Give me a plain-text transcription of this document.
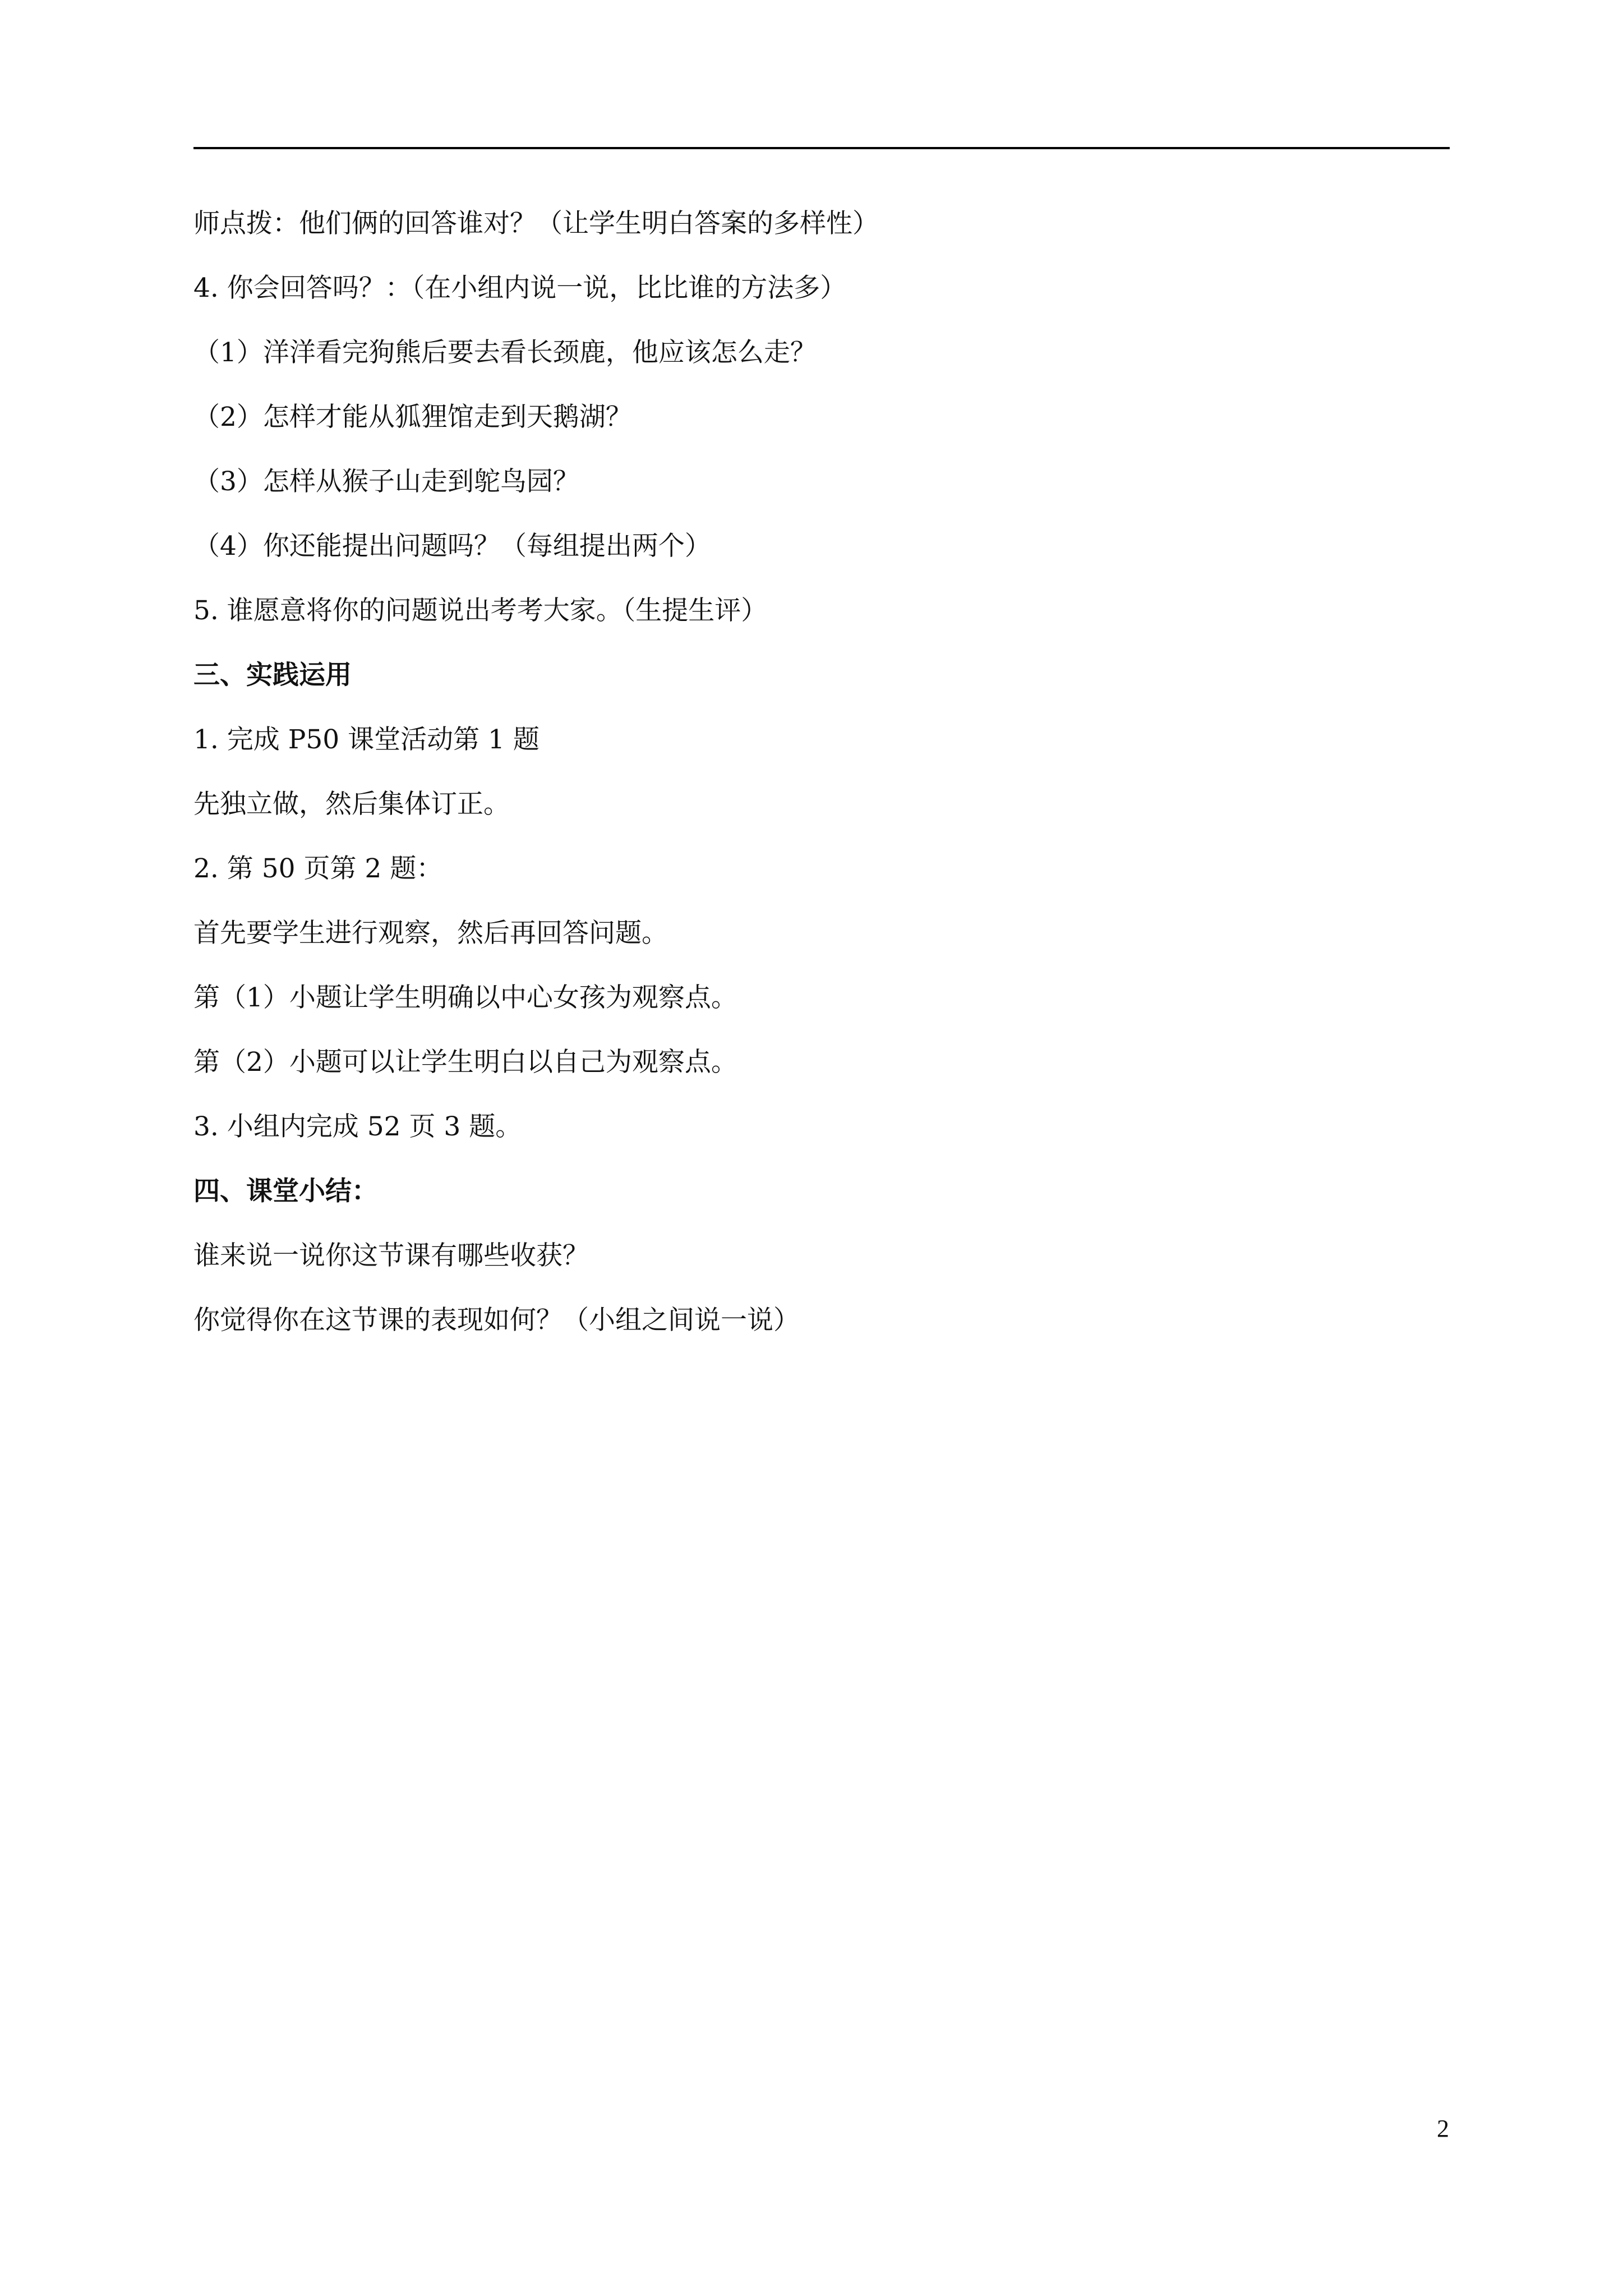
师点拨：他们俩的回答谁对？（让学生明白答案的多样性）
4. 你会回答吗？：（在小组内说一说，比比谁的方法多）
（1）洋洋看完狗熊后要去看长颈鹿，他应该怎么走？
（2）怎样才能从狐狸馆走到天鹅湖？
（3）怎样从猴子山走到鸵鸟园？
（4）你还能提出问题吗？（每组提出两个）
5. 谁愿意将你的问题说出考考大家。（生提生评）
三、实践运用
1. 完成 P50 课堂活动第 1 题
先独立做，然后集体订正。
2. 第 50 页第 2 题：
首先要学生进行观察，然后再回答问题。
第（1）小题让学生明确以中心女孩为观察点。
第（2）小题可以让学生明白以自己为观察点。
3. 小组内完成 52 页 3 题。
四、课堂小结：
谁来说一说你这节课有哪些收获？
你觉得你在这节课的表现如何？（小组之间说一说）
2
